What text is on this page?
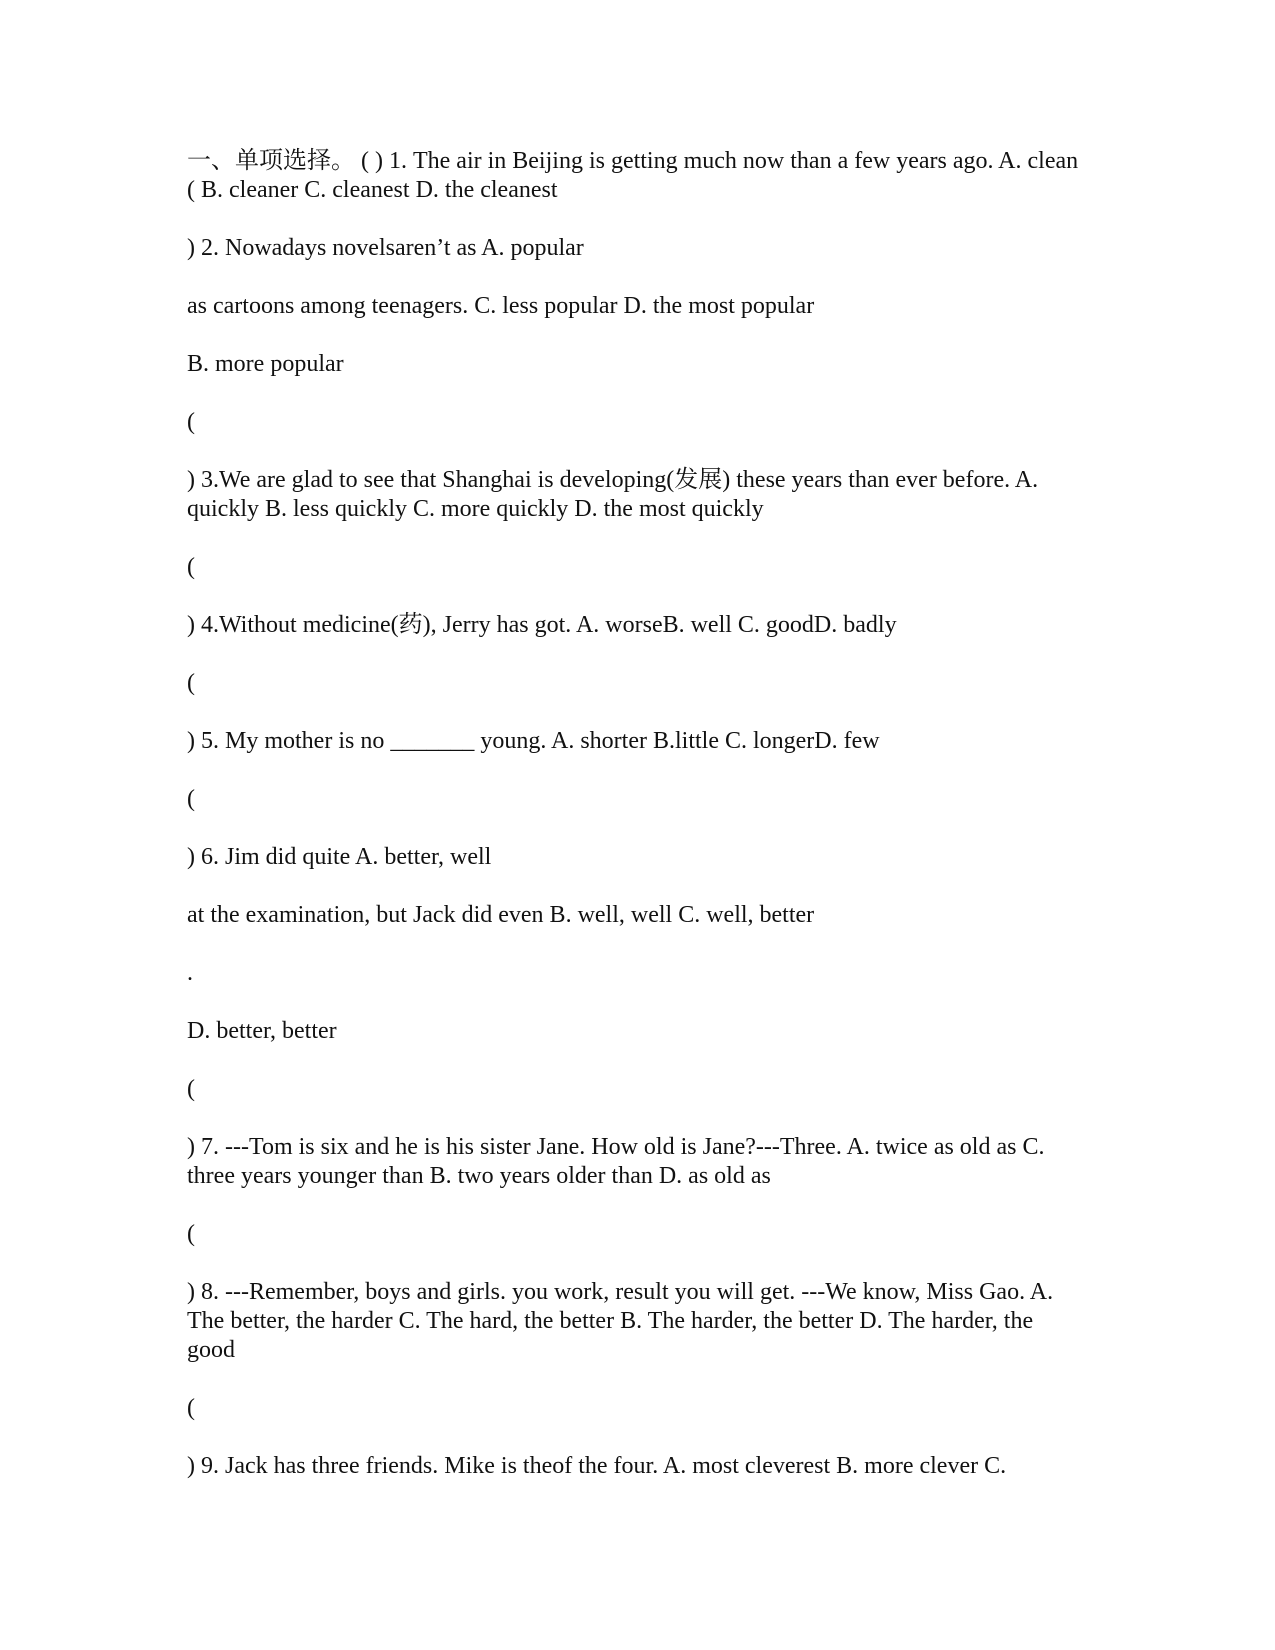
一、单项选择。 ( ) 1. The air in Beijing is getting much now than a few years ago. A. clean ( B. cleaner C. cleanest D. the cleanest

) 2. Nowadays novelsaren’t as A. popular

as cartoons among teenagers. C. less popular D. the most popular

B. more popular

(

) 3.We are glad to see that Shanghai is developing(发展) these years than ever before. A. quickly B. less quickly C. more quickly D. the most quickly

(

) 4.Without medicine(药), Jerry has got. A. worseB. well C. goodD. badly

(

) 5. My mother is no _______ young. A. shorter B.little C. longerD. few

(

) 6. Jim did quite A. better, well

at the examination, but Jack did even B. well, well C. well, better

.

D. better, better

(

) 7. ---Tom is six and he is his sister Jane. How old is Jane?---Three. A. twice as old as C. three years younger than B. two years older than D. as old as

(

) 8. ---Remember, boys and girls. you work, result you will get. ---We know, Miss Gao. A. The better, the harder C. The hard, the better B. The harder, the better D. The harder, the good

(

) 9. Jack has three friends. Mike is theof the four. A. most cleverest B. more clever C.
